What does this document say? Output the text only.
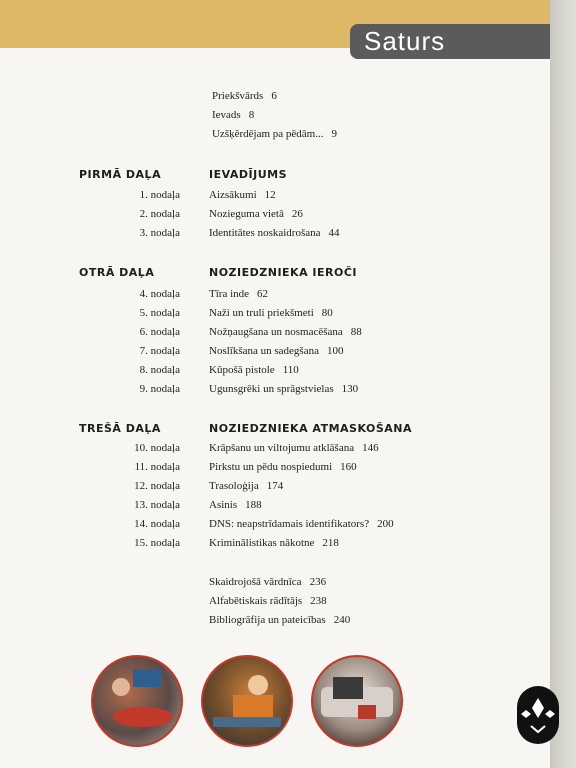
Saturs
Priekšvārds 6
Ievads 8
Uzšķērdējam pa pēdām... 9
PIRMĀ DAĻA	IEVADĪJUMS
1. nodaļa	Aizsākumi 12
2. nodaļa	Nozieguma vietā 26
3. nodaļa	Identitātes noskaidrošana 44
OTRĀ DAĻA	NOZIEDZNIEKA IEROČI
4. nodaļa	Tīra inde 62
5. nodaļa	Naži un truli priekšmeti 80
6. nodaļa	Nožņaugšana un nosmacēšana 88
7. nodaļa	Noslīkšana un sadegšana 100
8. nodaļa	Kūpošā pistole 110
9. nodaļa	Ugunsgrēki un sprāgstvielas 130
TREŠĀ DAĻA	NOZIEDZNIEKA ATMASKOŠANA
10. nodaļa	Krāpšanu un viltojumu atklāšana 146
11. nodaļa	Pirkstu un pēdu nospiedumi 160
12. nodaļa	Trasoloģija 174
13. nodaļa	Asinis 188
14. nodaļa	DNS: neapstrīdamais identifikators? 200
15. nodaļa	Kriminālistikas nākotne 218
Skaidrojošā vārdnīca 236
Alfabētiskais rādītājs 238
Bibliogrāfija un pateicības 240
